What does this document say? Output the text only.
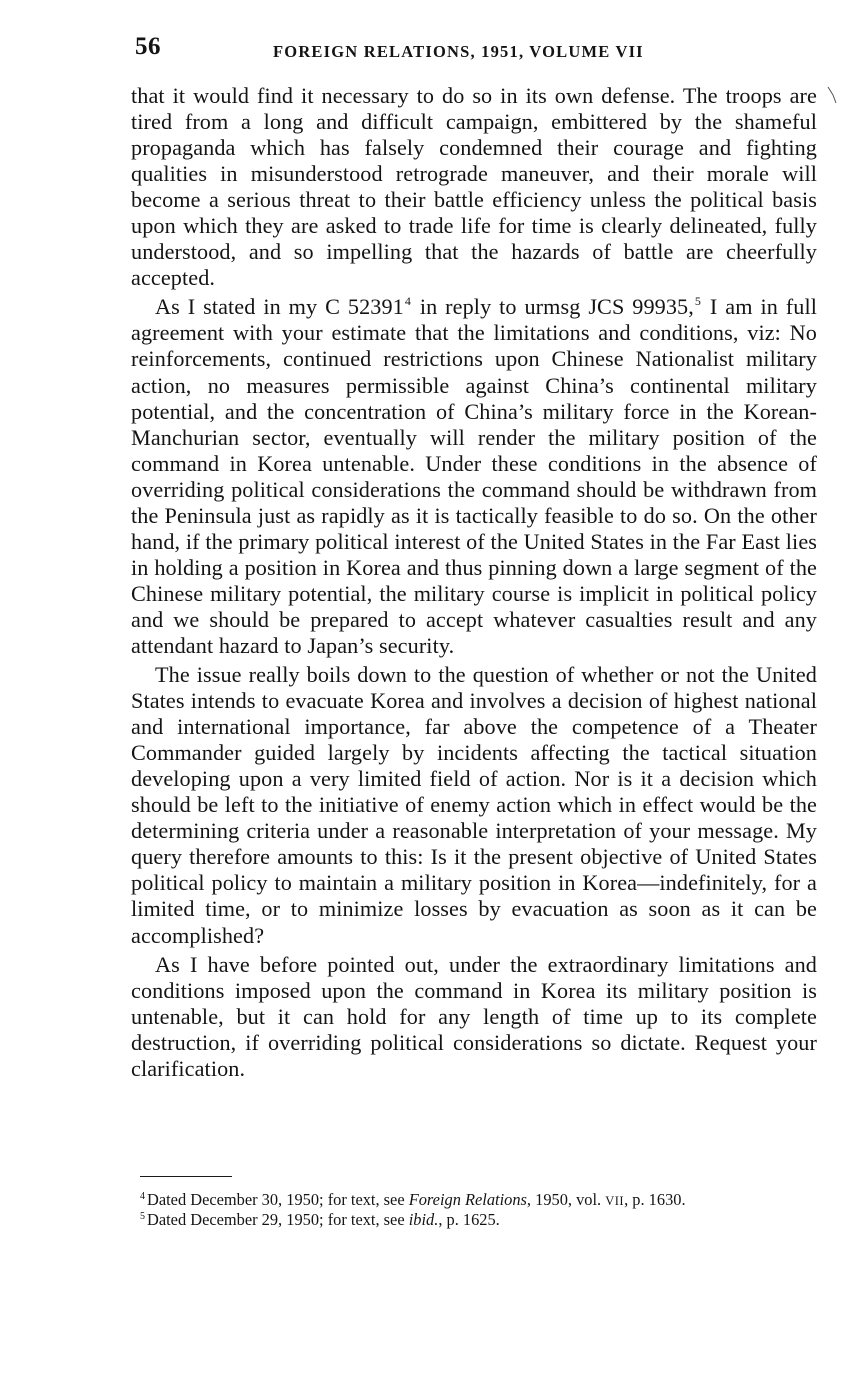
56	FOREIGN RELATIONS, 1951, VOLUME VII

that it would find it necessary to do so in its own defense. The troops are tired from a long and difficult campaign, embittered by the shameful propaganda which has falsely condemned their courage and fighting qualities in misunderstood retrograde maneuver, and their morale will become a serious threat to their battle efficiency unless the political basis upon which they are asked to trade life for time is clearly delineated, fully understood, and so impelling that the hazards of battle are cheerfully accepted.

As I stated in my C 52391$^4$ in reply to urmsg JCS 99935,$^5$ I am in full agreement with your estimate that the limitations and conditions, viz: No reinforcements, continued restrictions upon Chinese Nationalist military action, no measures permissible against China’s continental military potential, and the concentration of China’s military force in the Korean-Manchurian sector, eventually will render the military position of the command in Korea untenable. Under these conditions in the absence of overriding political considerations the command should be withdrawn from the Peninsula just as rapidly as it is tactically feasible to do so. On the other hand, if the primary political interest of the United States in the Far East lies in holding a position in Korea and thus pinning down a large segment of the Chinese military potential, the military course is implicit in political policy and we should be prepared to accept whatever casualties result and any attendant hazard to Japan’s security.

The issue really boils down to the question of whether or not the United States intends to evacuate Korea and involves a decision of highest national and international importance, far above the competence of a Theater Commander guided largely by incidents affecting the tactical situation developing upon a very limited field of action. Nor is it a decision which should be left to the initiative of enemy action which in effect would be the determining criteria under a reasonable interpretation of your message. My query therefore amounts to this: Is it the present objective of United States political policy to maintain a military position in Korea—indefinitely, for a limited time, or to minimize losses by evacuation as soon as it can be accomplished?

As I have before pointed out, under the extraordinary limitations and conditions imposed upon the command in Korea its military position is untenable, but it can hold for any length of time up to its complete destruction, if overriding political considerations so dictate. Request your clarification.

$^4$ Dated December 30, 1950; for text, see Foreign Relations, 1950, vol. VII, p. 1630.

$^5$ Dated December 29, 1950; for text, see ibid., p. 1625.
